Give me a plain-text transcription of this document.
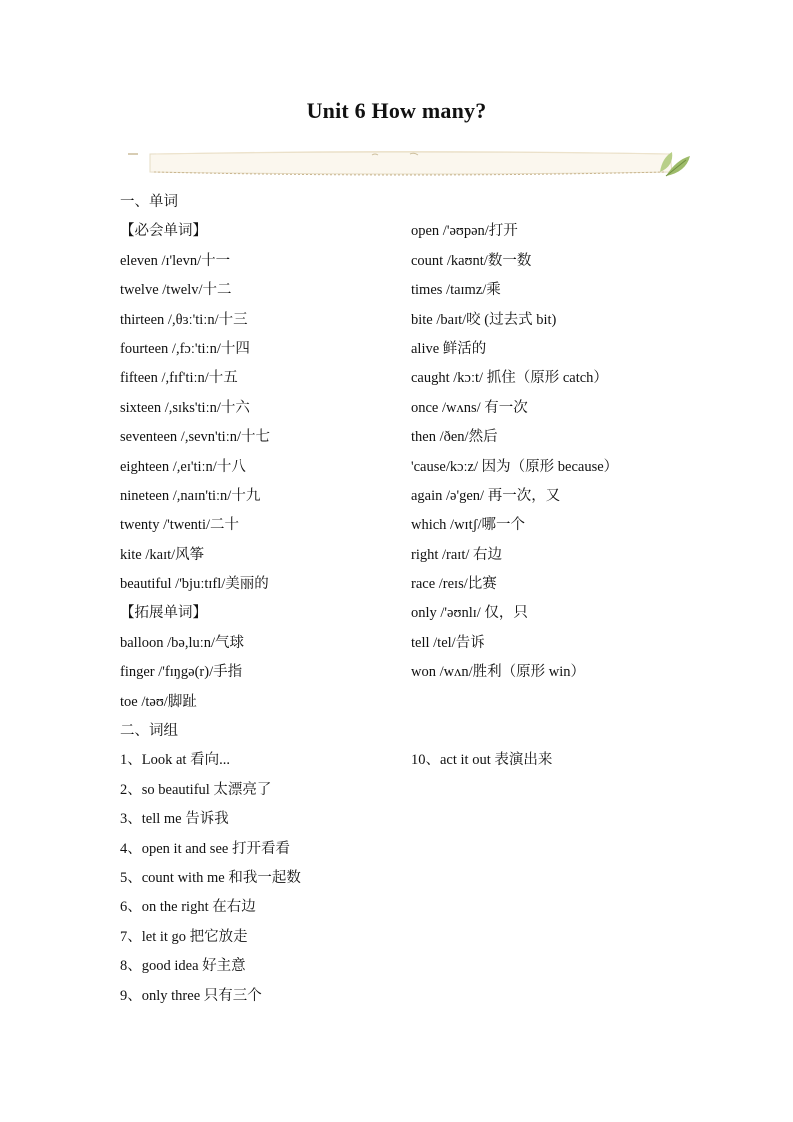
Unit 6 How many?
一、单词
【必会单词】
eleven /ɪ'levn/十一
twelve /twelv/十二
thirteen /,θɜː'tiːn/十三
fourteen /,fɔː'tiːn/十四
fifteen /,fɪf'tiːn/十五
sixteen /,sɪks'tiːn/十六
seventeen /,sevn'tiːn/十七
eighteen /,eɪ'tiːn/十八
nineteen /,naɪn'tiːn/十九
twenty /'twenti/二十
kite /kaɪt/风筝
beautiful /'bjuːtɪfl/美丽的
【拓展单词】
balloon /bə,luːn/气球
finger /'fɪŋgə(r)/手指
toe /təʊ/脚趾
二、词组
1、Look at 看向...
2、so beautiful 太漂亮了
3、tell me 告诉我
4、open it and see 打开看看
5、count with me 和我一起数
6、on the right 在右边
7、let it go 把它放走
8、good idea 好主意
9、only three 只有三个
open /'əʊpən/打开
count /kaʊnt/数一数
times /taɪmz/乘
bite /baɪt/咬 (过去式 bit)
alive 鲜活的
caught /kɔːt/ 抓住（原形 catch）
once /wʌns/ 有一次
then /ðen/然后
'cause/kɔːz/ 因为（原形 because）
again /ə'gen/ 再一次，又
which /wɪtʃ/哪一个
right /raɪt/ 右边
race /reɪs/比赛
only /'əʊnlɪ/ 仅，只
tell /tel/告诉
won /wʌn/胜利（原形 win）
10、act it out 表演出来
